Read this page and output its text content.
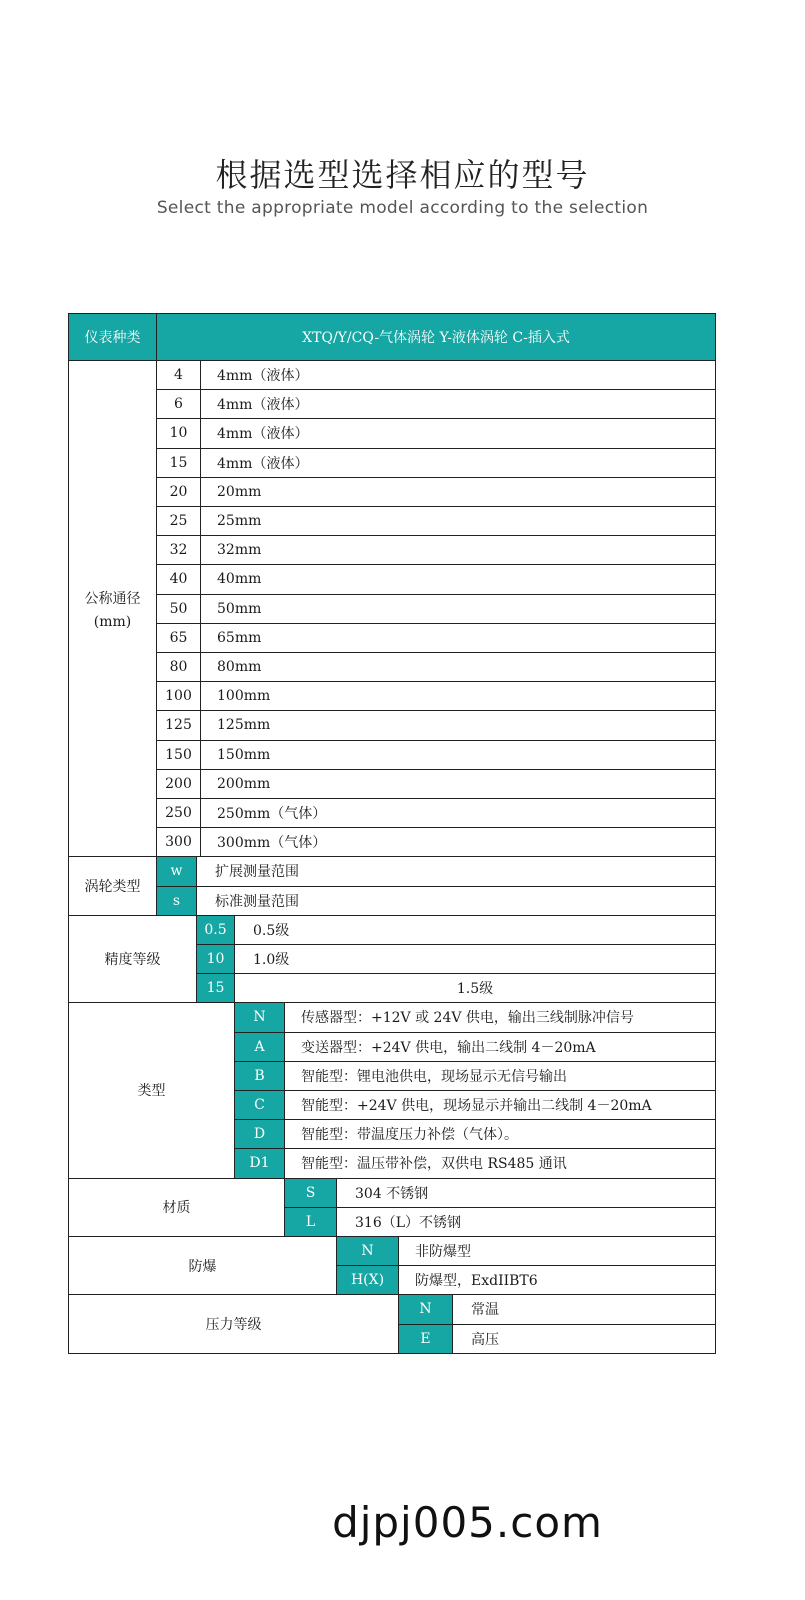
根据选型选择相应的型号
Select the appropriate model according to the selection
仪表种类	XTQ/Y/CQ-气体涡轮 Y-液体涡轮 C-插入式
公称通径
(mm)
4	4mm（液体）
6	4mm（液体）
10	4mm（液体）
15	4mm（液体）
20	20mm
25	25mm
32	32mm
40	40mm
50	50mm
65	65mm
80	80mm
100	100mm
125	125mm
150	150mm
200	200mm
250	250mm（气体）
300	300mm（气体）
涡轮类型
w	扩展测量范围
s	标准测量范围
精度等级
0.5	0.5级
10	1.0级
15	1.5级
类型
N	传感器型：+12V 或 24V 供电，输出三线制脉冲信号
A	变送器型：+24V 供电，输出二线制 4－20mA
B	智能型：锂电池供电，现场显示无信号输出
C	智能型：+24V 供电，现场显示并输出二线制 4－20mA
D	智能型：带温度压力补偿（气体）。
D1	智能型：温压带补偿，双供电 RS485 通讯
材质
S	304 不锈钢
L	316（L）不锈钢
防爆
N	非防爆型
H(X)	防爆型，ExdIIBT6
压力等级
N	常温
E	高压
djpj005.com
